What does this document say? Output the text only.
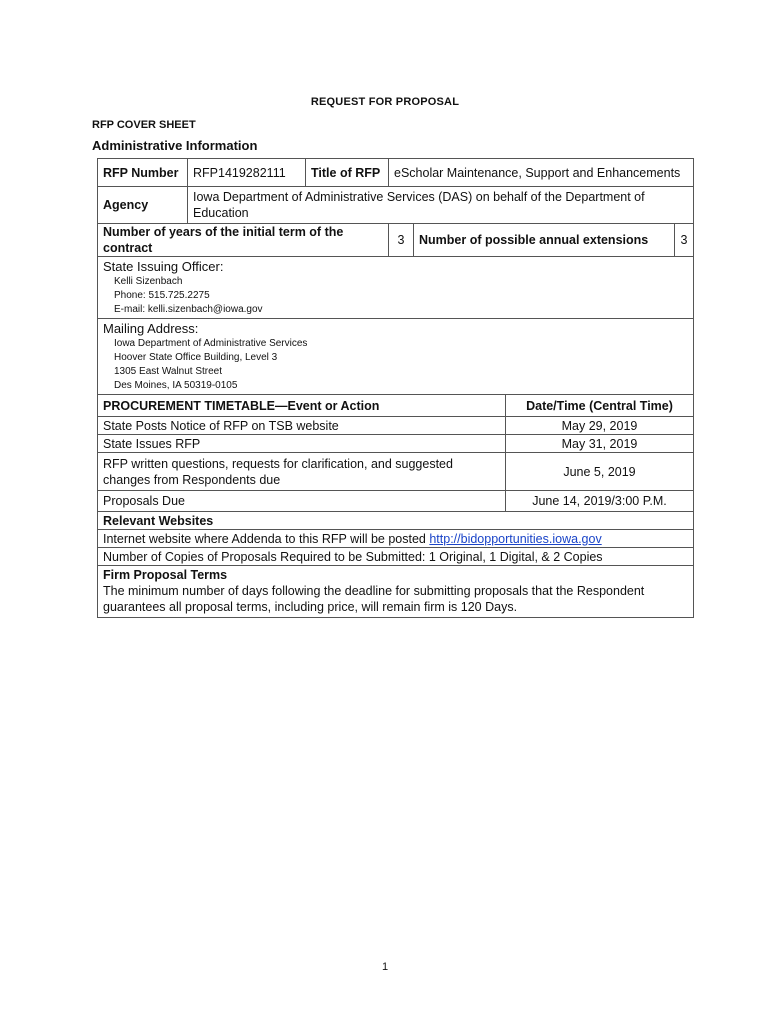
REQUEST FOR PROPOSAL
RFP COVER SHEET
Administrative Information
RFP Number	RFP1419282111	Title of RFP	eScholar Maintenance, Support and Enhancements			
Agency	Iowa Department of Administrative Services (DAS) on behalf of the Department of Education					
Number of years of the initial term of the contract			3	Number of possible annual extensions		3

State Issuing Officer:
Kelli Sizenbach
Phone: 515.725.2275
E-mail: kelli.sizenbach@iowa.gov						

Mailing Address:
Iowa Department of Administrative Services
Hoover State Office Building, Level 3
1305 East Walnut Street
Des Moines, IA 50319-0105						

PROCUREMENT TIMETABLE—Event or Action					Date/Time (Central Time)	
State Posts Notice of RFP on TSB website					May 29, 2019	
State Issues RFP					May 31, 2019	
RFP written questions, requests for clarification, and suggested changes from Respondents due					June 5, 2019	
Proposals Due					June 14, 2019/3:00 P.M.	
Relevant Websites						
Internet website where Addenda to this RFP will be posted http://bidopportunities.iowa.gov						
Number of Copies of Proposals Required to be Submitted: 1 Original, 1 Digital, & 2 Copies						

Firm Proposal Terms
The minimum number of days following the deadline for submitting proposals that the Respondent guarantees all proposal terms, including price, will remain firm is 120 Days.						
1
